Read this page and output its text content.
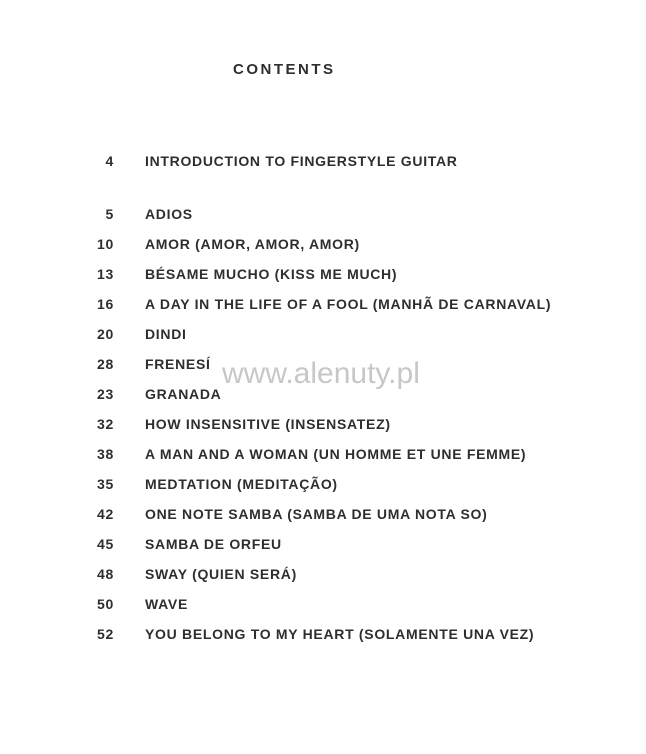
CONTENTS
4 INTRODUCTION TO FINGERSTYLE GUITAR
5 ADIOS
10 AMOR (AMOR, AMOR, AMOR)
13 BÉSAME MUCHO (KISS ME MUCH)
16 A DAY IN THE LIFE OF A FOOL (MANHÃ DE CARNAVAL)
20 DINDI
28 FRENESÍ
23 GRANADA
32 HOW INSENSITIVE (INSENSATEZ)
38 A MAN AND A WOMAN (UN HOMME ET UNE FEMME)
35 MEDTATION (MEDITAÇÃO)
42 ONE NOTE SAMBA (SAMBA DE UMA NOTA SO)
45 SAMBA DE ORFEU
48 SWAY (QUIEN SERÁ)
50 WAVE
52 YOU BELONG TO MY HEART (SOLAMENTE UNA VEZ)
www.alenuty.pl
